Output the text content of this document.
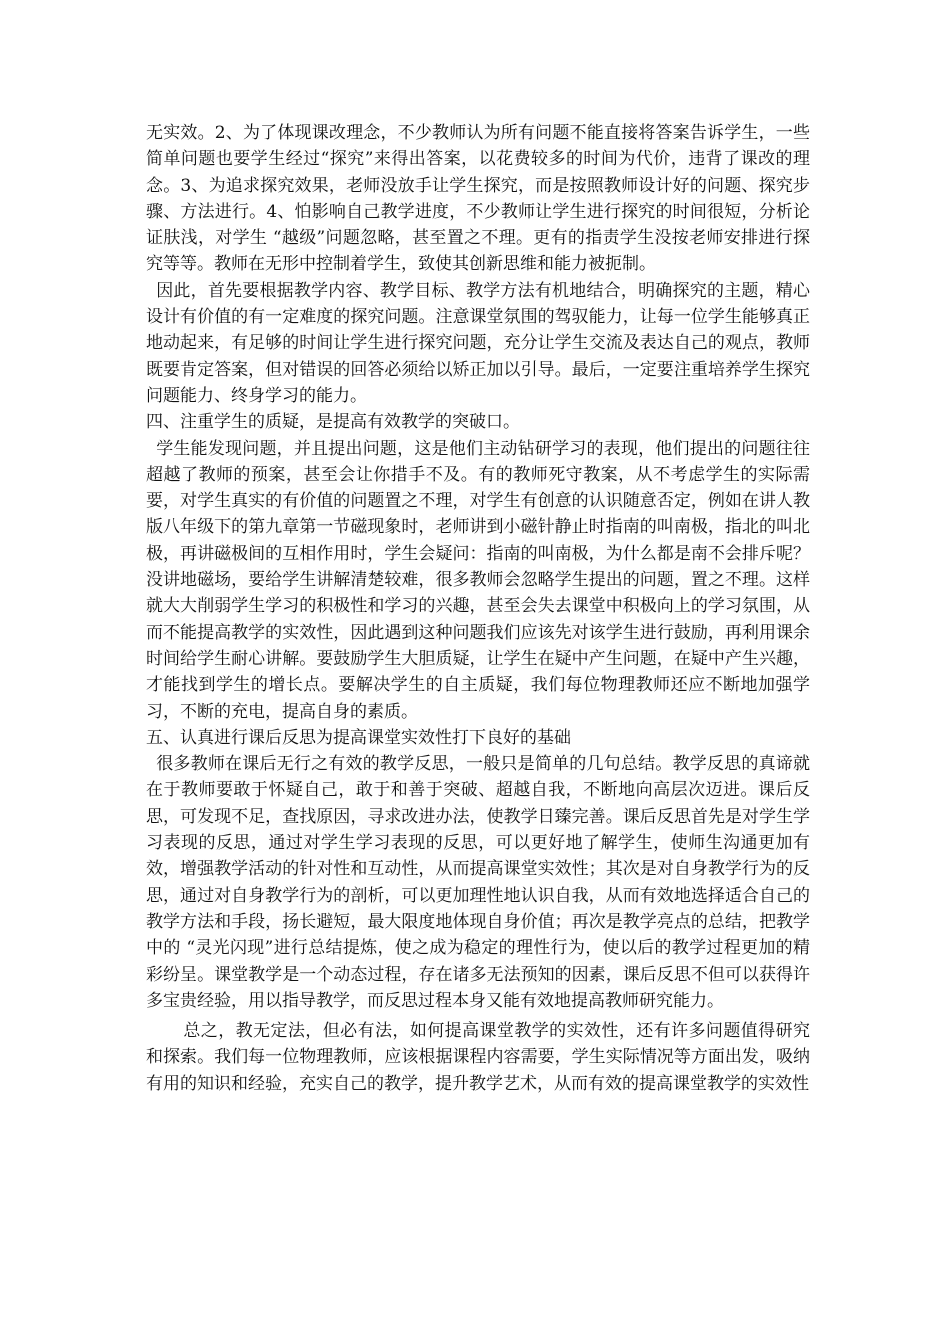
无实效。2、为了体现课改理念，不少教师认为所有问题不能直接将答案告诉学生，一些简单问题也要学生经过“探究”来得出答案，以花费较多的时间为代价，违背了课改的理念。3、为追求探究效果，老师没放手让学生探究，而是按照教师设计好的问题、探究步骤、方法进行。4、怕影响自己教学进度，不少教师让学生进行探究的时间很短，分析论证肤浅，对学生 “越级”问题忽略，甚至置之不理。更有的指责学生没按老师安排进行探究等等。教师在无形中控制着学生，致使其创新思维和能力被扼制。

因此，首先要根据教学内容、教学目标、教学方法有机地结合，明确探究的主题，精心设计有价值的有一定难度的探究问题。注意课堂氛围的驾驭能力，让每一位学生能够真正地动起来，有足够的时间让学生进行探究问题，充分让学生交流及表达自己的观点，教师既要肯定答案，但对错误的回答必须给以矫正加以引导。最后，一定要注重培养学生探究问题能力、终身学习的能力。

四、注重学生的质疑，是提高有效教学的突破口。

学生能发现问题，并且提出问题，这是他们主动钻研学习的表现，他们提出的问题往往超越了教师的预案，甚至会让你措手不及。有的教师死守教案，从不考虑学生的实际需要，对学生真实的有价值的问题置之不理，对学生有创意的认识随意否定，例如在讲人教版八年级下的第九章第一节磁现象时，老师讲到小磁针静止时指南的叫南极，指北的叫北极，再讲磁极间的互相作用时，学生会疑问：指南的叫南极，为什么都是南不会排斥呢？没讲地磁场，要给学生讲解清楚较难，很多教师会忽略学生提出的问题，置之不理。这样就大大削弱学生学习的积极性和学习的兴趣，甚至会失去课堂中积极向上的学习氛围，从而不能提高教学的实效性，因此遇到这种问题我们应该先对该学生进行鼓励，再利用课余时间给学生耐心讲解。要鼓励学生大胆质疑，让学生在疑中产生问题，在疑中产生兴趣，才能找到学生的增长点。要解决学生的自主质疑，我们每位物理教师还应不断地加强学习，不断的充电，提高自身的素质。

五、认真进行课后反思为提高课堂实效性打下良好的基础

很多教师在课后无行之有效的教学反思，一般只是简单的几句总结。教学反思的真谛就在于教师要敢于怀疑自己，敢于和善于突破、超越自我，不断地向高层次迈进。课后反思，可发现不足，查找原因，寻求改进办法，使教学日臻完善。课后反思首先是对学生学习表现的反思，通过对学生学习表现的反思，可以更好地了解学生，使师生沟通更加有效，增强教学活动的针对性和互动性，从而提高课堂实效性；其次是对自身教学行为的反思，通过对自身教学行为的剖析，可以更加理性地认识自我，从而有效地选择适合自己的教学方法和手段，扬长避短，最大限度地体现自身价值；再次是教学亮点的总结，把教学中的 “灵光闪现”进行总结提炼，使之成为稳定的理性行为，使以后的教学过程更加的精彩纷呈。课堂教学是一个动态过程，存在诸多无法预知的因素，课后反思不但可以获得许多宝贵经验，用以指导教学，而反思过程本身又能有效地提高教师研究能力。

总之，教无定法，但必有法，如何提高课堂教学的实效性，还有许多问题值得研究和探索。我们每一位物理教师，应该根据课程内容需要，学生实际情况等方面出发，吸纳有用的知识和经验，充实自己的教学，提升教学艺术，从而有效的提高课堂教学的实效性
